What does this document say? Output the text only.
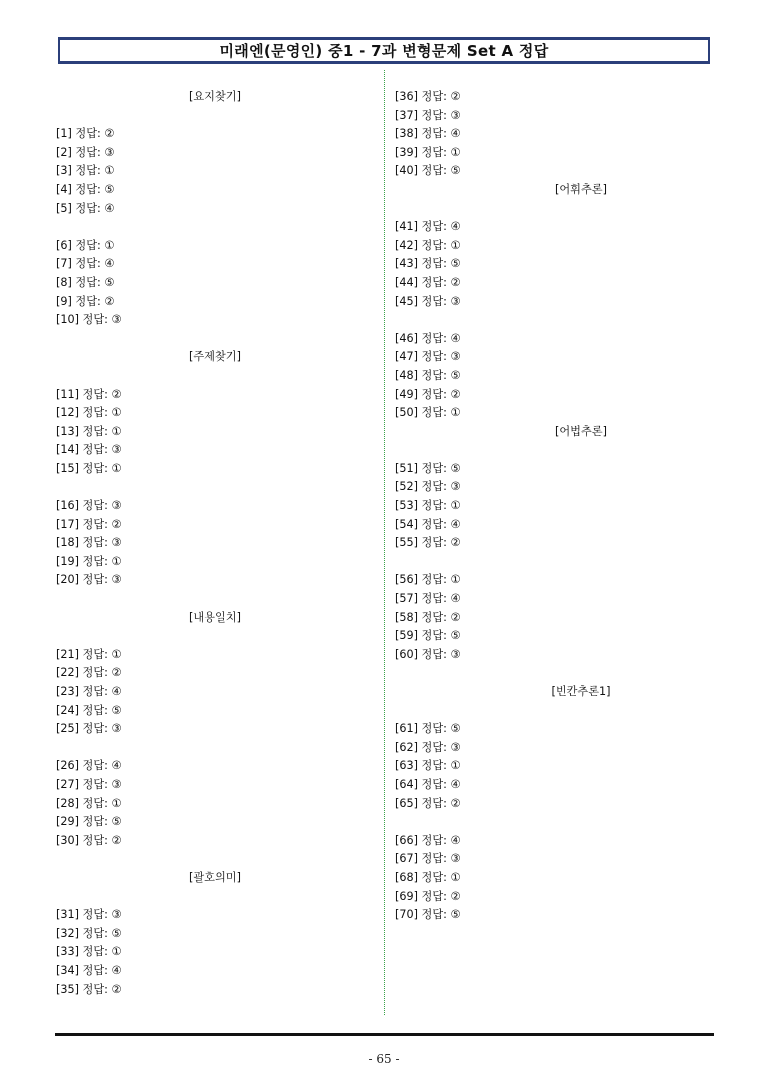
미래엔(문영인) 중1 - 7과 변형문제 Set A 정답
[요지찾기]
[1] 정답: ②
[2] 정답: ③
[3] 정답: ①
[4] 정답: ⑤
[5] 정답: ④
[6] 정답: ①
[7] 정답: ④
[8] 정답: ⑤
[9] 정답: ②
[10] 정답: ③
[주제찾기]
[11] 정답: ②
[12] 정답: ①
[13] 정답: ①
[14] 정답: ③
[15] 정답: ①
[16] 정답: ③
[17] 정답: ②
[18] 정답: ③
[19] 정답: ①
[20] 정답: ③
[내용일치]
[21] 정답: ①
[22] 정답: ②
[23] 정답: ④
[24] 정답: ⑤
[25] 정답: ③
[26] 정답: ④
[27] 정답: ③
[28] 정답: ①
[29] 정답: ⑤
[30] 정답: ②
[괄호의미]
[31] 정답: ③
[32] 정답: ⑤
[33] 정답: ①
[34] 정답: ④
[35] 정답: ②
[36] 정답: ②
[37] 정답: ③
[38] 정답: ④
[39] 정답: ①
[40] 정답: ⑤
[어휘추론]
[41] 정답: ④
[42] 정답: ①
[43] 정답: ⑤
[44] 정답: ②
[45] 정답: ③
[46] 정답: ④
[47] 정답: ③
[48] 정답: ⑤
[49] 정답: ②
[50] 정답: ①
[어법추론]
[51] 정답: ⑤
[52] 정답: ③
[53] 정답: ①
[54] 정답: ④
[55] 정답: ②
[56] 정답: ①
[57] 정답: ④
[58] 정답: ②
[59] 정답: ⑤
[60] 정답: ③
[빈칸추론1]
[61] 정답: ⑤
[62] 정답: ③
[63] 정답: ①
[64] 정답: ④
[65] 정답: ②
[66] 정답: ④
[67] 정답: ③
[68] 정답: ①
[69] 정답: ②
[70] 정답: ⑤
- 65 -
